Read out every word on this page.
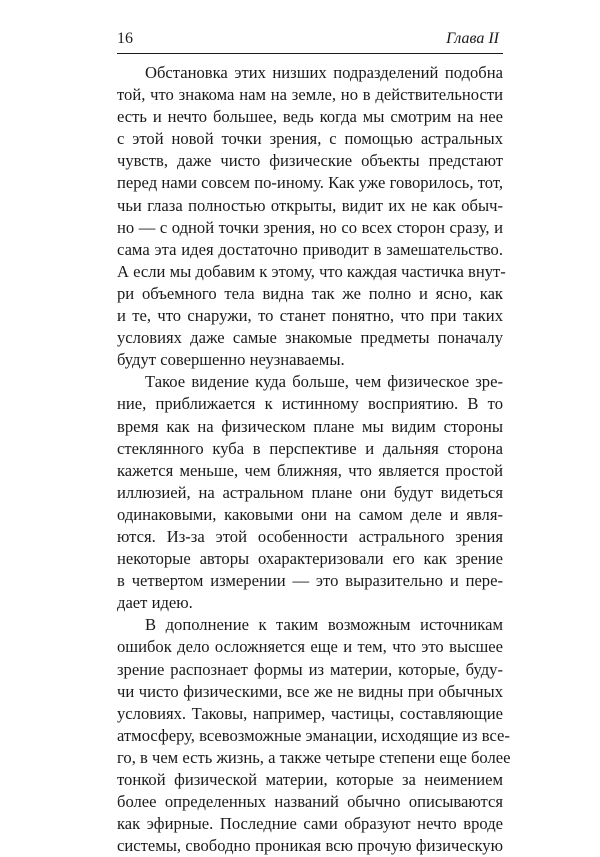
16	Глава II
Обстановка этих низших подразделений подобна
той, что знакома нам на земле, но в действительности
есть и нечто большее, ведь когда мы смотрим на нее
с этой новой точки зрения, с помощью астральных
чувств, даже чисто физические объекты предстают
перед нами совсем по-иному. Как уже говорилось, тот,
чьи глаза полностью открыты, видит их не как обыч-
но — с одной точки зрения, но со всех сторон сразу, и
сама эта идея достаточно приводит в замешательство.
А если мы добавим к этому, что каждая частичка внут-
ри объемного тела видна так же полно и ясно, как
и те, что снаружи, то станет понятно, что при таких
условиях даже самые знакомые предметы поначалу
будут совершенно неузнаваемы.
Такое видение куда больше, чем физическое зре-
ние, приближается к истинному восприятию. В то
время как на физическом плане мы видим стороны
стеклянного куба в перспективе и дальняя сторона
кажется меньше, чем ближняя, что является простой
иллюзией, на астральном плане они будут видеться
одинаковыми, каковыми они на самом деле и явля-
ются. Из-за этой особенности астрального зрения
некоторые авторы охарактеризовали его как зрение
в четвертом измерении — это выразительно и пере-
дает идею.
В дополнение к таким возможным источникам
ошибок дело осложняется еще и тем, что это высшее
зрение распознает формы из материи, которые, буду-
чи чисто физическими, все же не видны при обычных
условиях. Таковы, например, частицы, составляющие
атмосферу, всевозможные эманации, исходящие из все-
го, в чем есть жизнь, а также четыре степени еще более
тонкой физической материи, которые за неимением
более определенных названий обычно описываются
как эфирные. Последние сами образуют нечто вроде
системы, свободно проникая всю прочую физическую
